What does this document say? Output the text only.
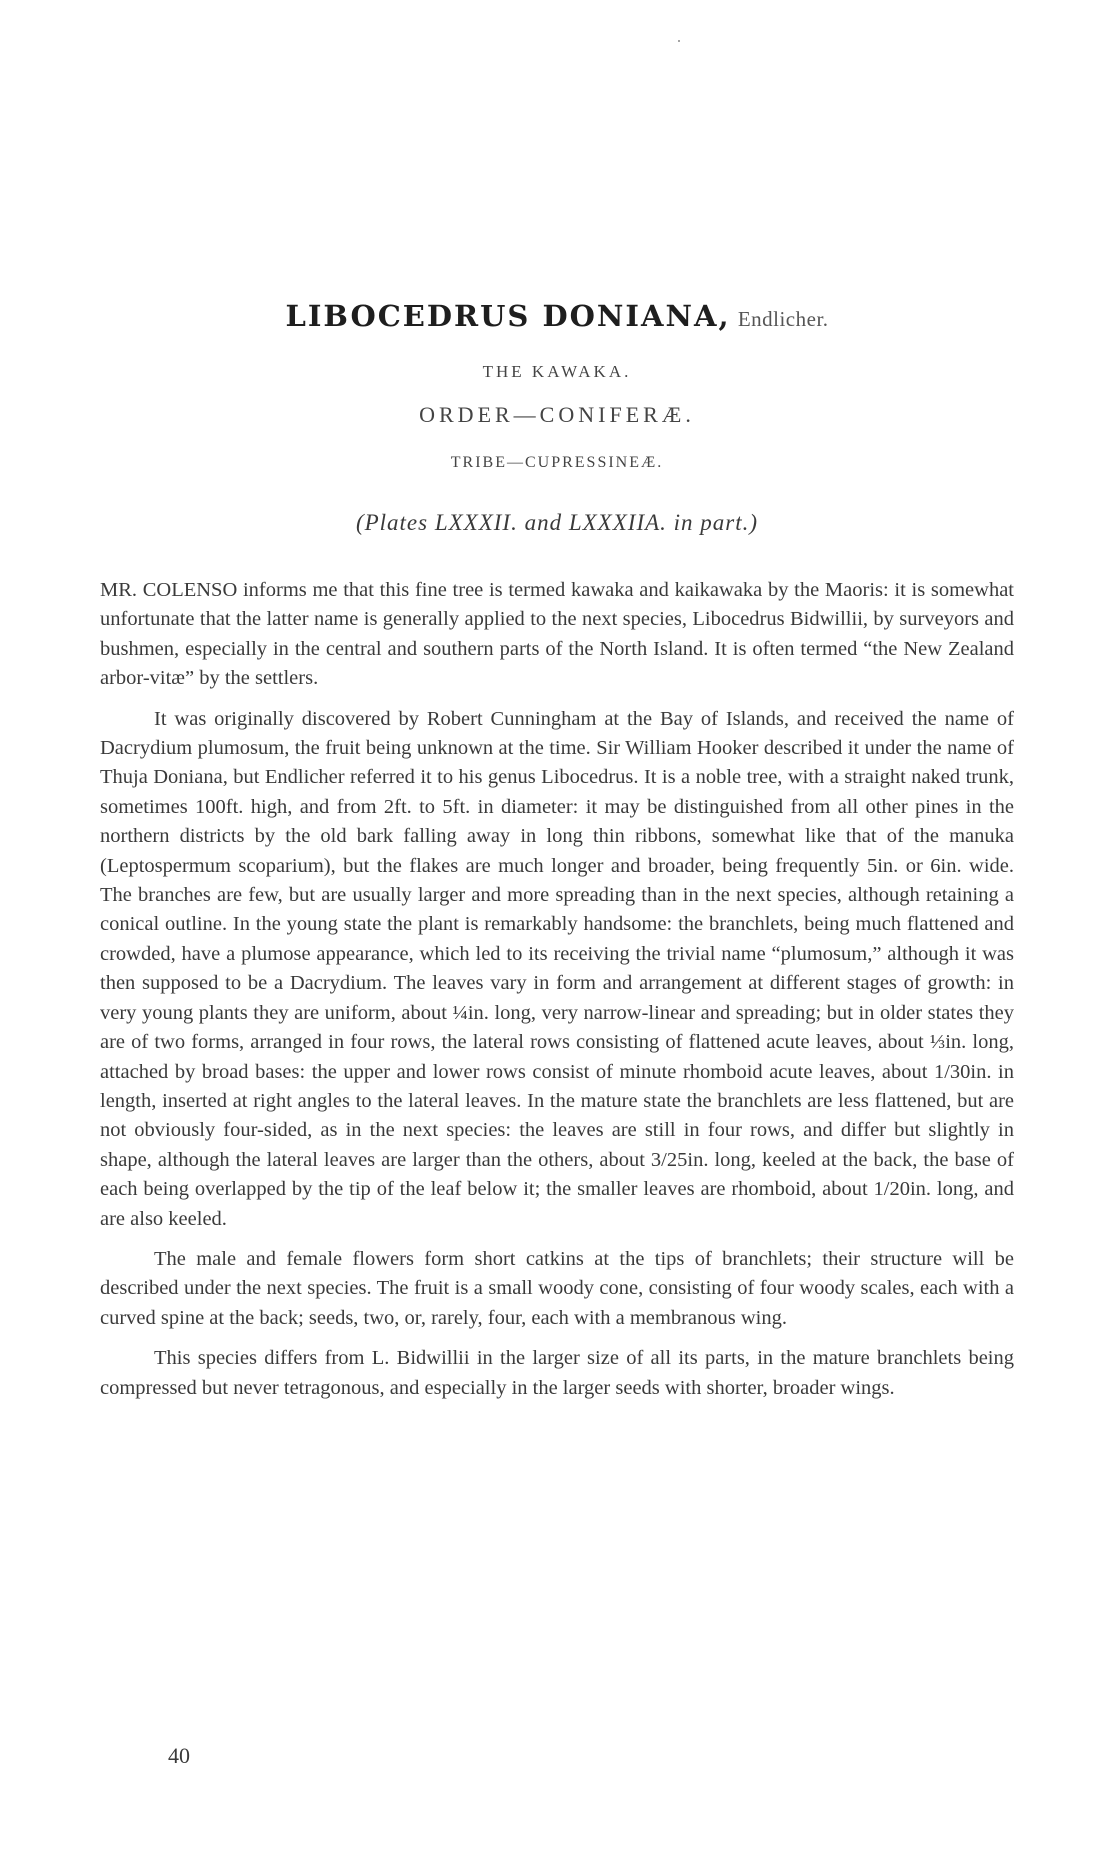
LIBOCEDRUS DONIANA, Endlicher.
THE KAWAKA.
ORDER—CONIFERÆ.
TRIBE—CUPRESSINEÆ.
(Plates LXXXII. and LXXXIIA. in part.)

MR. COLENSO informs me that this fine tree is termed kawaka and kaikawaka by the Maoris: it is somewhat unfortunate that the latter name is generally applied to the next species, Libocedrus Bidwillii, by surveyors and bushmen, especially in the central and southern parts of the North Island. It is often termed “the New Zealand arbor-vitæ” by the settlers.

It was originally discovered by Robert Cunningham at the Bay of Islands, and received the name of Dacrydium plumosum, the fruit being unknown at the time. Sir William Hooker described it under the name of Thuja Doniana, but Endlicher referred it to his genus Libocedrus. It is a noble tree, with a straight naked trunk, sometimes 100ft. high, and from 2ft. to 5ft. in diameter: it may be distinguished from all other pines in the northern districts by the old bark falling away in long thin ribbons, somewhat like that of the manuka (Leptospermum scoparium), but the flakes are much longer and broader, being frequently 5in. or 6in. wide. The branches are few, but are usually larger and more spreading than in the next species, although retaining a conical outline. In the young state the plant is remarkably handsome: the branchlets, being much flattened and crowded, have a plumose appearance, which led to its receiving the trivial name “plumosum,” although it was then supposed to be a Dacrydium. The leaves vary in form and arrangement at different stages of growth: in very young plants they are uniform, about ¼in. long, very narrow-linear and spreading; but in older states they are of two forms, arranged in four rows, the lateral rows consisting of flattened acute leaves, about ⅓in. long, attached by broad bases: the upper and lower rows consist of minute rhomboid acute leaves, about 1/30in. in length, inserted at right angles to the lateral leaves. In the mature state the branchlets are less flattened, but are not obviously four-sided, as in the next species: the leaves are still in four rows, and differ but slightly in shape, although the lateral leaves are larger than the others, about 3/25in. long, keeled at the back, the base of each being overlapped by the tip of the leaf below it; the smaller leaves are rhomboid, about 1/20in. long, and are also keeled.

The male and female flowers form short catkins at the tips of branchlets; their structure will be described under the next species. The fruit is a small woody cone, consisting of four woody scales, each with a curved spine at the back; seeds, two, or, rarely, four, each with a membranous wing.

This species differs from L. Bidwillii in the larger size of all its parts, in the mature branchlets being compressed but never tetragonous, and especially in the larger seeds with shorter, broader wings.

40
